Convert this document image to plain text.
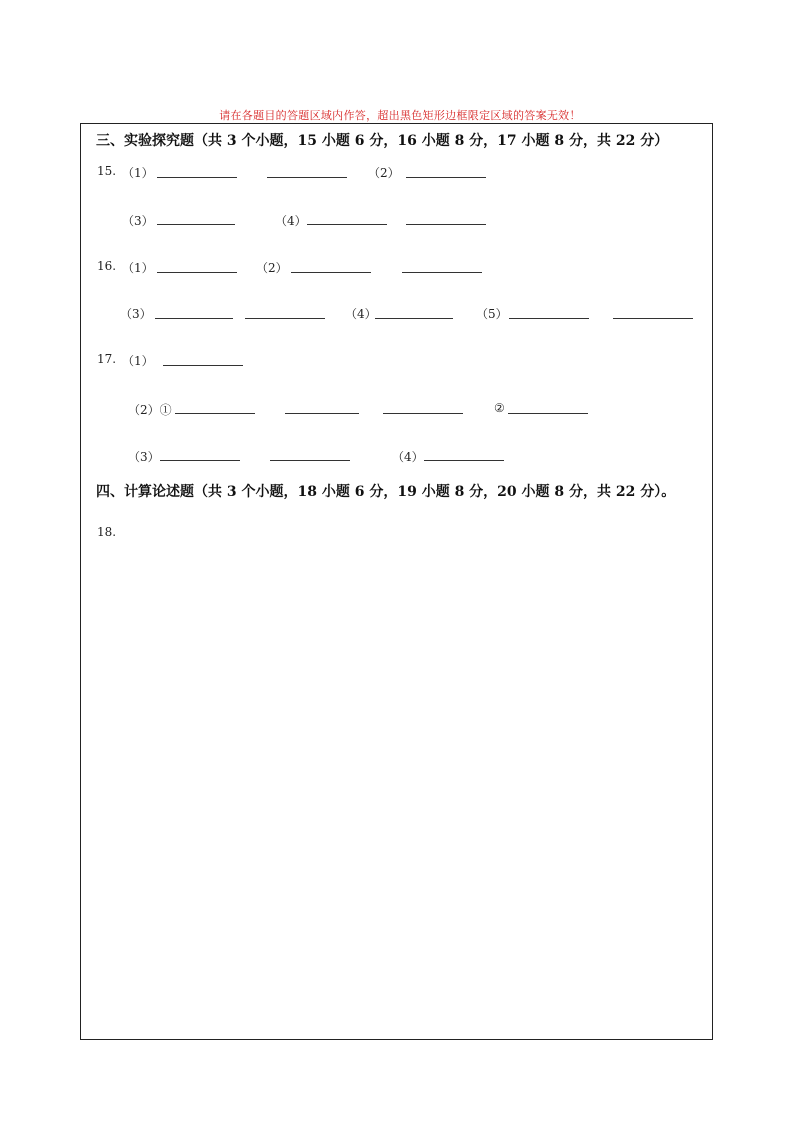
请在各题目的答题区域内作答，超出黑色矩形边框限定区域的答案无效！
三、实验探究题（共 3 个小题，15 小题 6 分，16 小题 8 分，17 小题 8 分，共 22 分）
15. （1）	（2）
（3）	（4）
16. （1）	（2）
（3）	（4）	（5）
17. （1）
（2）①	②
（3）	（4）
四、计算论述题（共 3 个小题，18 小题 6 分，19 小题 8 分，20 小题 8 分，共 22 分）。
18.
